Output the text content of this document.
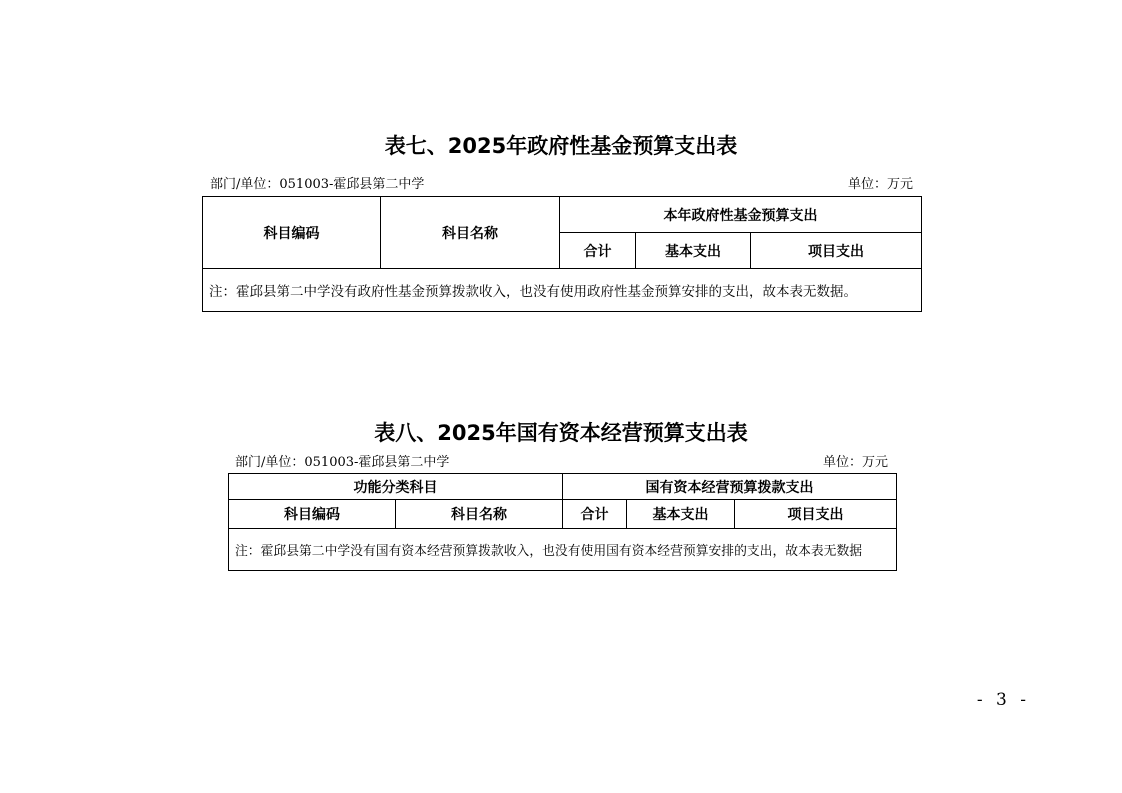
表七、2025年政府性基金预算支出表
部门/单位：051003-霍邱县第二中学	单位：万元
科目编码	科目名称	本年政府性基金预算支出		
		合计	基本支出	项目支出
注：霍邱县第二中学没有政府性基金预算拨款收入，也没有使用政府性基金预算安排的支出，故本表无数据。				
表八、2025年国有资本经营预算支出表
部门/单位：051003-霍邱县第二中学	单位：万元
功能分类科目		国有资本经营预算拨款支出		
科目编码	科目名称	合计	基本支出	项目支出
注：霍邱县第二中学没有国有资本经营预算拨款收入，也没有使用国有资本经营预算安排的支出，故本表无数据				
- 3 -
